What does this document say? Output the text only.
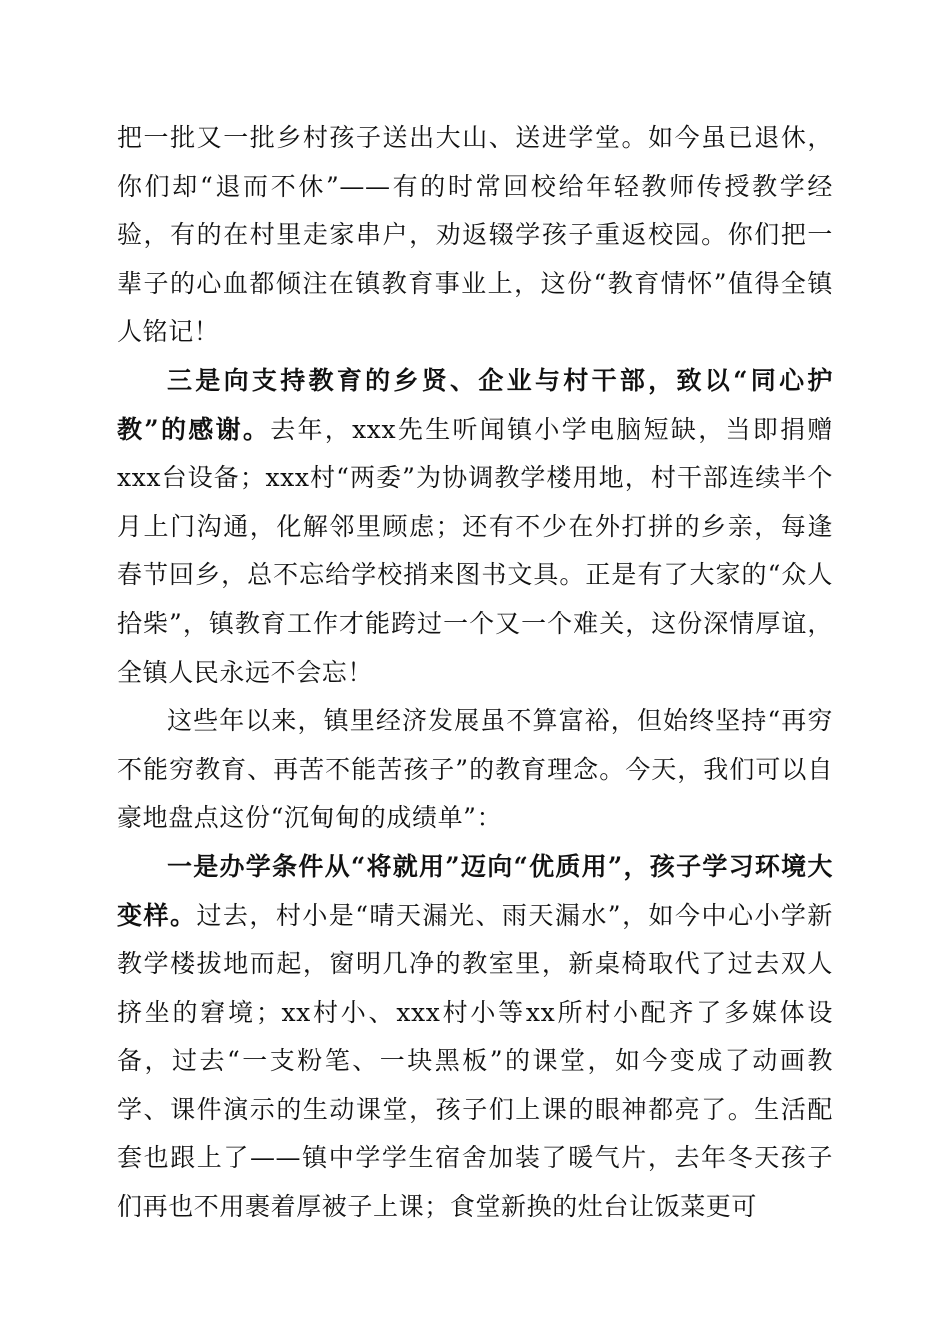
把一批又一批乡村孩子送出大山、送进学堂。如今虽已退休，你们却“退而不休”——有的时常回校给年轻教师传授教学经验，有的在村里走家串户，劝返辍学孩子重返校园。你们把一辈子的心血都倾注在镇教育事业上，这份“教育情怀”值得全镇人铭记！

三是向支持教育的乡贤、企业与村干部，致以“同心护教”的感谢。去年，xxx先生听闻镇小学电脑短缺，当即捐赠xxx台设备；xxx村“两委”为协调教学楼用地，村干部连续半个月上门沟通，化解邻里顾虑；还有不少在外打拼的乡亲，每逢春节回乡，总不忘给学校捎来图书文具。正是有了大家的“众人拾柴”，镇教育工作才能跨过一个又一个难关，这份深情厚谊，全镇人民永远不会忘！

这些年以来，镇里经济发展虽不算富裕，但始终坚持“再穷不能穷教育、再苦不能苦孩子”的教育理念。今天，我们可以自豪地盘点这份“沉甸甸的成绩单”：

一是办学条件从“将就用”迈向“优质用”，孩子学习环境大变样。过去，村小是“晴天漏光、雨天漏水”，如今中心小学新教学楼拔地而起，窗明几净的教室里，新桌椅取代了过去双人挤坐的窘境；xx村小、xxx村小等xx所村小配齐了多媒体设备，过去“一支粉笔、一块黑板”的课堂，如今变成了动画教学、课件演示的生动课堂，孩子们上课的眼神都亮了。生活配套也跟上了——镇中学学生宿舍加装了暖气片，去年冬天孩子们再也不用裹着厚被子上课；食堂新换的灶台让饭菜更可
